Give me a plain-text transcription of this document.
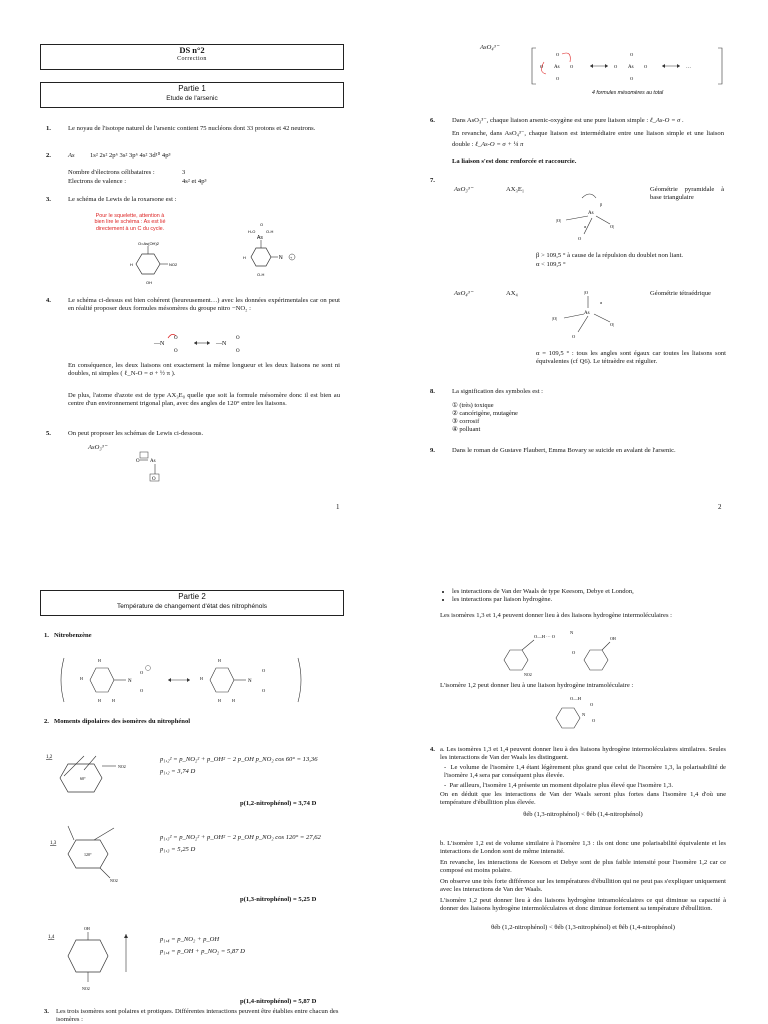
DS n°2
Correction
Partie 1
Etude de l'arsenic
1.	Le noyau de l'isotope naturel de l'arsenic contient 75 nucléons dont 33 protons et 42 neutrons.
2.	As 1s² 2s² 2p⁶ 3s² 3p⁶ 4s² 3d¹⁰ 4p³
Nombre d'électrons célibataires :	3
Electrons de valence :	4s² et 4p³
3.	Le schéma de Lewis de la roxarsone est :
Pour le squelette, attention à bien lire le schéma : As est lié directement à un C du cycle.
O=As(OH)2
NO2
H
OH
As
H-O	O-H
O
N +
O-H
H
4.	Le schéma ci-dessus est bien cohérent (heureusement…) avec les données expérimentales car on peut en réalité proposer deux formules mésomères du groupe nitro −NO₂ :
—N
O
O
—N
O
O
En conséquence, les deux liaisons ont exactement la même longueur et les deux liaisons ne sont ni doubles, ni simples ( ℓ_N-O = σ + ½ π ).
De plus, l'atome d'azote est de type AX₃E₀ quelle que soit la formule mésomère donc il est bien au centre d'un environnement trigonal plan, avec des angles de 120° entre les liaisons.
5.	On peut proposer les schémas de Lewis ci-dessous.
AsO₃³⁻
As
O
O
1
AsO₄³⁻
As
O
O	O
O
As
O
O	O
O
…
4 formules mésomères au total
6.	Dans AsO₃³⁻, chaque liaison arsenic-oxygène est une pure liaison simple : ℓ_As-O = σ .
En revanche, dans AsO₄³⁻, chaque liaison est intermédiaire entre une liaison simple et une liaison double : ℓ_As-O = σ + ¼ π
La liaison s'est donc renforcée et raccourcie.
7.
AsO₃³⁻	AX₃E₁	Géométrie pyramidale à base triangulaire
As
|O|
O
O|
β
α
β > 109,5 ° à cause de la répulsion du doublet non liant.
α < 109,5 °
AsO₄³⁻	AX₄	Géométrie tétraédrique
|O
As
|O|
O
O|
α
α = 109,5 ° : tous les angles sont égaux car toutes les liaisons sont équivalentes (cf Q6). Le tétraèdre est régulier.
8.	La signification des symboles est :
① (très) toxique
② cancérigène, mutagène
③ corrosif
④ polluant
9.	Dans le roman de Gustave Flaubert, Emma Bovary se suicide en avalant de l'arsenic.
2
Partie 2
Température de changement d'état des nitrophénols
1. Nitrobenzène
H
H
H	H
N
O
O
H
H
H	H
N
O
O
2. Moments dipolaires des isomères du nitrophénol
1,2
NO2
60°
p₁,₂² = p_NO₂² + p_OH² − 2 p_OH p_NO₂ cos 60° = 13,36
p₁,₂ = 3,74 D
p(1,2-nitrophénol) = 3,74 D
1,3
NO2
120°
p₁,₃² = p_NO₂² + p_OH² − 2 p_OH p_NO₂ cos 120° = 27,62
p₁,₃ = 5,25 D
p(1,3-nitrophénol) = 5,25 D
1,4
OH
NO2
p₁,₄ = p_NO₂ + p_OH
p₁,₄ = p_OH + p_NO₂ = 5,87 D
p(1,4-nitrophénol) = 5,87 D
3. Les trois isomères sont polaires et protiques. Différentes interactions peuvent être établies entre chacun des isomères :
• les interactions de Van der Waals de type Keesom, Debye et London,
• les interactions par liaison hydrogène.
Les isomères 1,3 et 1,4 peuvent donner lieu à des liaisons hydrogène intermoléculaires :
NO2
O—H ··· O
N
O
OH
L'isomère 1,2 peut donner lieu à une liaison hydrogène intramoléculaire :
O—H
O
N
O
4. a. Les isomères 1,3 et 1,4 peuvent donner lieu à des liaisons hydrogène intermoléculaires similaires. Seules les interactions de Van der Waals les distinguent.
-  Le volume de l'isomère 1,4 étant légèrement plus grand que celui de l'isomère 1,3, la polarisabilité de l'isomère 1,4 sera par conséquent plus élevée.
-  Par ailleurs, l'isomère 1,4 présente un moment dipolaire plus élevé que l'isomère 1,3.
On en déduit que les interactions de Van der Waals seront plus fortes dans l'isomère 1,4 d'où une température d'ébullition plus élevée.
θéb (1,3-nitrophénol) < θéb (1,4-nitrophénol)
b. L'isomère 1,2 est de volume similaire à l'isomère 1,3 : ils ont donc une polarisabilité équivalente et les interactions de London sont de même intensité.
En revanche, les interactions de Keesom et Debye sont de plus faible intensité pour l'isomère 1,2 car ce composé est moins polaire.
On observe une très forte différence sur les températures d'ébullition qui ne peut pas s'expliquer uniquement avec les interactions de Van der Waals.
L'isomère 1,2 peut donner lieu à des liaisons hydrogène intramoléculaires ce qui diminue sa capacité à donner des liaisons hydrogène intermoléculaires et donc diminue fortement sa température d'ébullition.
θéb (1,2-nitrophénol) < θéb (1,3-nitrophénol) et θéb (1,4-nitrophénol)
